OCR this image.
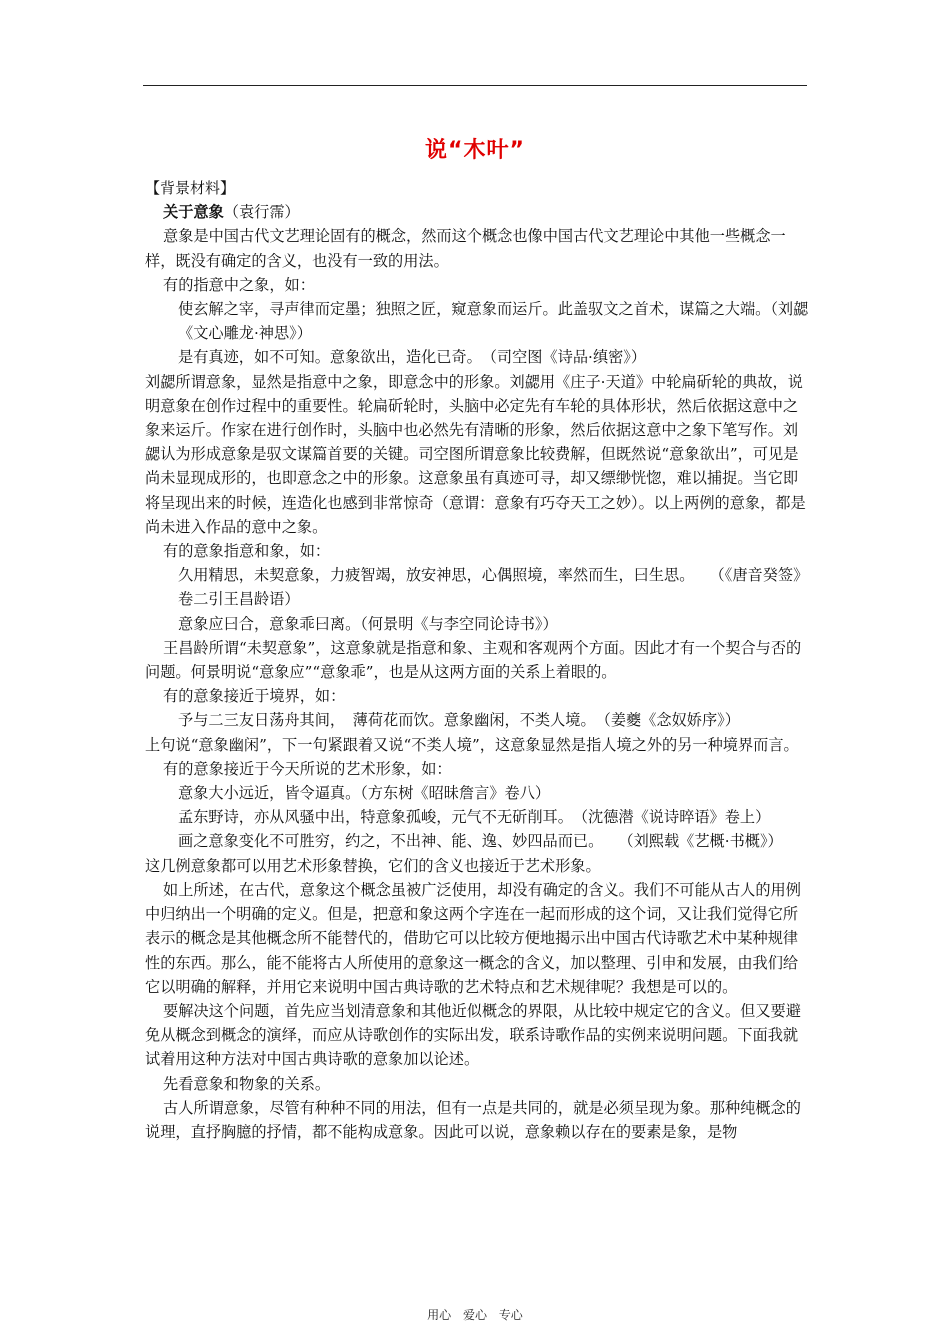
说“木叶”

【背景材料】

关于意象（袁行霈）

意象是中国古代文艺理论固有的概念，然而这个概念也像中国古代文艺理论中其他一些概念一样，既没有确定的含义，也没有一致的用法。

有的指意中之象，如：

使玄解之宰，寻声律而定墨；独照之匠，窥意象而运斤。此盖驭文之首术，谋篇之大端。（刘勰《文心雕龙·神思》）

是有真迹，如不可知。意象欲出，造化已奇。　（司空图《诗品·缜密》）

刘勰所谓意象，显然是指意中之象，即意念中的形象。刘勰用《庄子·天道》中轮扁斫轮的典故，说明意象在创作过程中的重要性。轮扁斫轮时，头脑中必定先有车轮的具体形状，然后依据这意中之象来运斤。作家在进行创作时，头脑中也必然先有清晰的形象，然后依据这意中之象下笔写作。刘勰认为形成意象是驭文谋篇首要的关键。司空图所谓意象比较费解，但既然说“意象欲出”，可见是尚未显现成形的，也即意念之中的形象。这意象虽有真迹可寻，却又缥缈恍惚，难以捕捉。当它即将呈现出来的时候，连造化也感到非常惊奇（意谓：意象有巧夺天工之妙）。以上两例的意象，都是尚未进入作品的意中之象。

有的意象指意和象，如：

久用精思，未契意象，力疲智竭，放安神思，心偶照境，率然而生，曰生思。　　（《唐音癸签》卷二引王昌龄语）

意象应曰合，意象乖曰离。（何景明《与李空同论诗书》）

王昌龄所谓“未契意象”，这意象就是指意和象、主观和客观两个方面。因此才有一个契合与否的问题。何景明说“意象应”“意象乖”，也是从这两方面的关系上着眼的。

有的意象接近于境界，如：

予与二三友日荡舟其间，　薄荷花而饮。意象幽闲，不类人境。　（姜夔《念奴娇序》）

上句说“意象幽闲”，下一句紧跟着又说“不类人境”，这意象显然是指人境之外的另一种境界而言。

有的意象接近于今天所说的艺术形象，如：

意象大小远近，皆令逼真。（方东树《昭昧詹言》卷八）

孟东野诗，亦从风骚中出，特意象孤峻，元气不无斫削耳。　（沈德潜《说诗晬语》卷上）

画之意象变化不可胜穷，约之，不出神、能、逸、妙四品而已。　　（刘熙载《艺概·书概》）

这几例意象都可以用艺术形象替换，它们的含义也接近于艺术形象。

如上所述，在古代，意象这个概念虽被广泛使用，却没有确定的含义。我们不可能从古人的用例中归纳出一个明确的定义。但是，把意和象这两个字连在一起而形成的这个词，又让我们觉得它所表示的概念是其他概念所不能替代的，借助它可以比较方便地揭示出中国古代诗歌艺术中某种规律性的东西。那么，能不能将古人所使用的意象这一概念的含义，加以整理、引申和发展，由我们给它以明确的解释，并用它来说明中国古典诗歌的艺术特点和艺术规律呢？我想是可以的。

要解决这个问题，首先应当划清意象和其他近似概念的界限，从比较中规定它的含义。但又要避免从概念到概念的演绎，而应从诗歌创作的实际出发，联系诗歌作品的实例来说明问题。下面我就试着用这种方法对中国古典诗歌的意象加以论述。

先看意象和物象的关系。

古人所谓意象，尽管有种种不同的用法，但有一点是共同的，就是必须呈现为象。那种纯概念的说理，直抒胸臆的抒情，都不能构成意象。因此可以说，意象赖以存在的要素是象，是物

用心 爱心 专心
